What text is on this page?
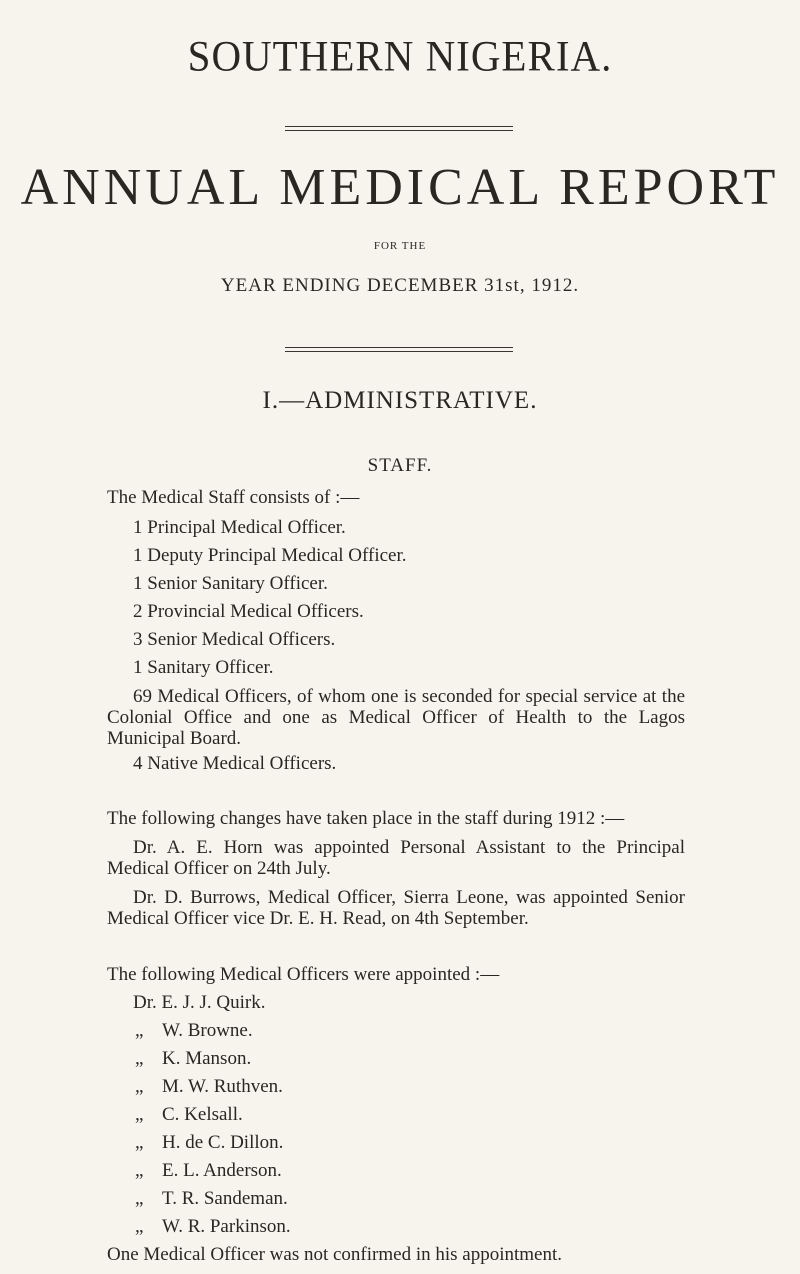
SOUTHERN NIGERIA.
ANNUAL MEDICAL REPORT
FOR THE
YEAR ENDING DECEMBER 31st, 1912.
I.—ADMINISTRATIVE.
STAFF.
The Medical Staff consists of :—
1 Principal Medical Officer.
1 Deputy Principal Medical Officer.
1 Senior Sanitary Officer.
2 Provincial Medical Officers.
3 Senior Medical Officers.
1 Sanitary Officer.
69 Medical Officers, of whom one is seconded for special service at the Colonial Office and one as Medical Officer of Health to the Lagos Municipal Board.
4 Native Medical Officers.
The following changes have taken place in the staff during 1912 :—
Dr. A. E. Horn was appointed Personal Assistant to the Principal Medical Officer on 24th July.
Dr. D. Burrows, Medical Officer, Sierra Leone, was appointed Senior Medical Officer vice Dr. E. H. Read, on 4th September.
The following Medical Officers were appointed :—
Dr. E. J. J. Quirk.
„ W. Browne.
„ K. Manson.
„ M. W. Ruthven.
„ C. Kelsall.
„ H. de C. Dillon.
„ E. L. Anderson.
„ T. R. Sandeman.
„ W. R. Parkinson.
One Medical Officer was not confirmed in his appointment.
